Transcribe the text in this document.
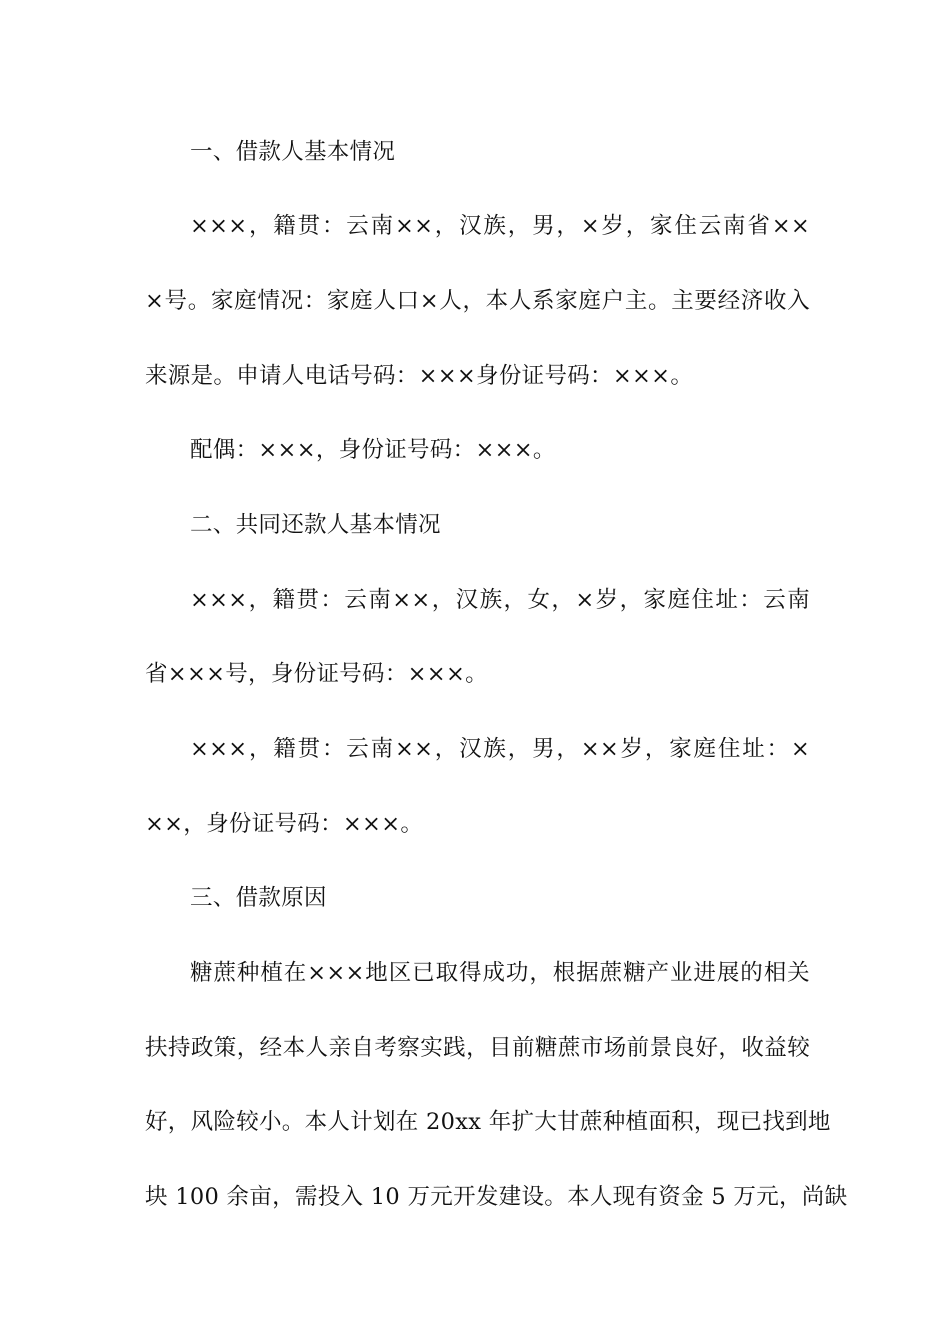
一、借款人基本情况
×××，籍贯：云南××，汉族，男，×岁，家住云南省××
×号。家庭情况：家庭人口×人，本人系家庭户主。主要经济收入
来源是。申请人电话号码：×××身份证号码：×××。
配偶：×××，身份证号码：×××。
二、共同还款人基本情况
×××，籍贯：云南××，汉族，女，×岁，家庭住址：云南
省×××号，身份证号码：×××。
×××，籍贯：云南××，汉族，男，××岁，家庭住址：×
××，身份证号码：×××。
三、借款原因
糖蔗种植在×××地区已取得成功，根据蔗糖产业进展的相关
扶持政策，经本人亲自考察实践，目前糖蔗市场前景良好，收益较
好，风险较小。本人计划在 20xx 年扩大甘蔗种植面积，现已找到地
块 100 余亩，需投入 10 万元开发建设。本人现有资金 5 万元，尚缺
